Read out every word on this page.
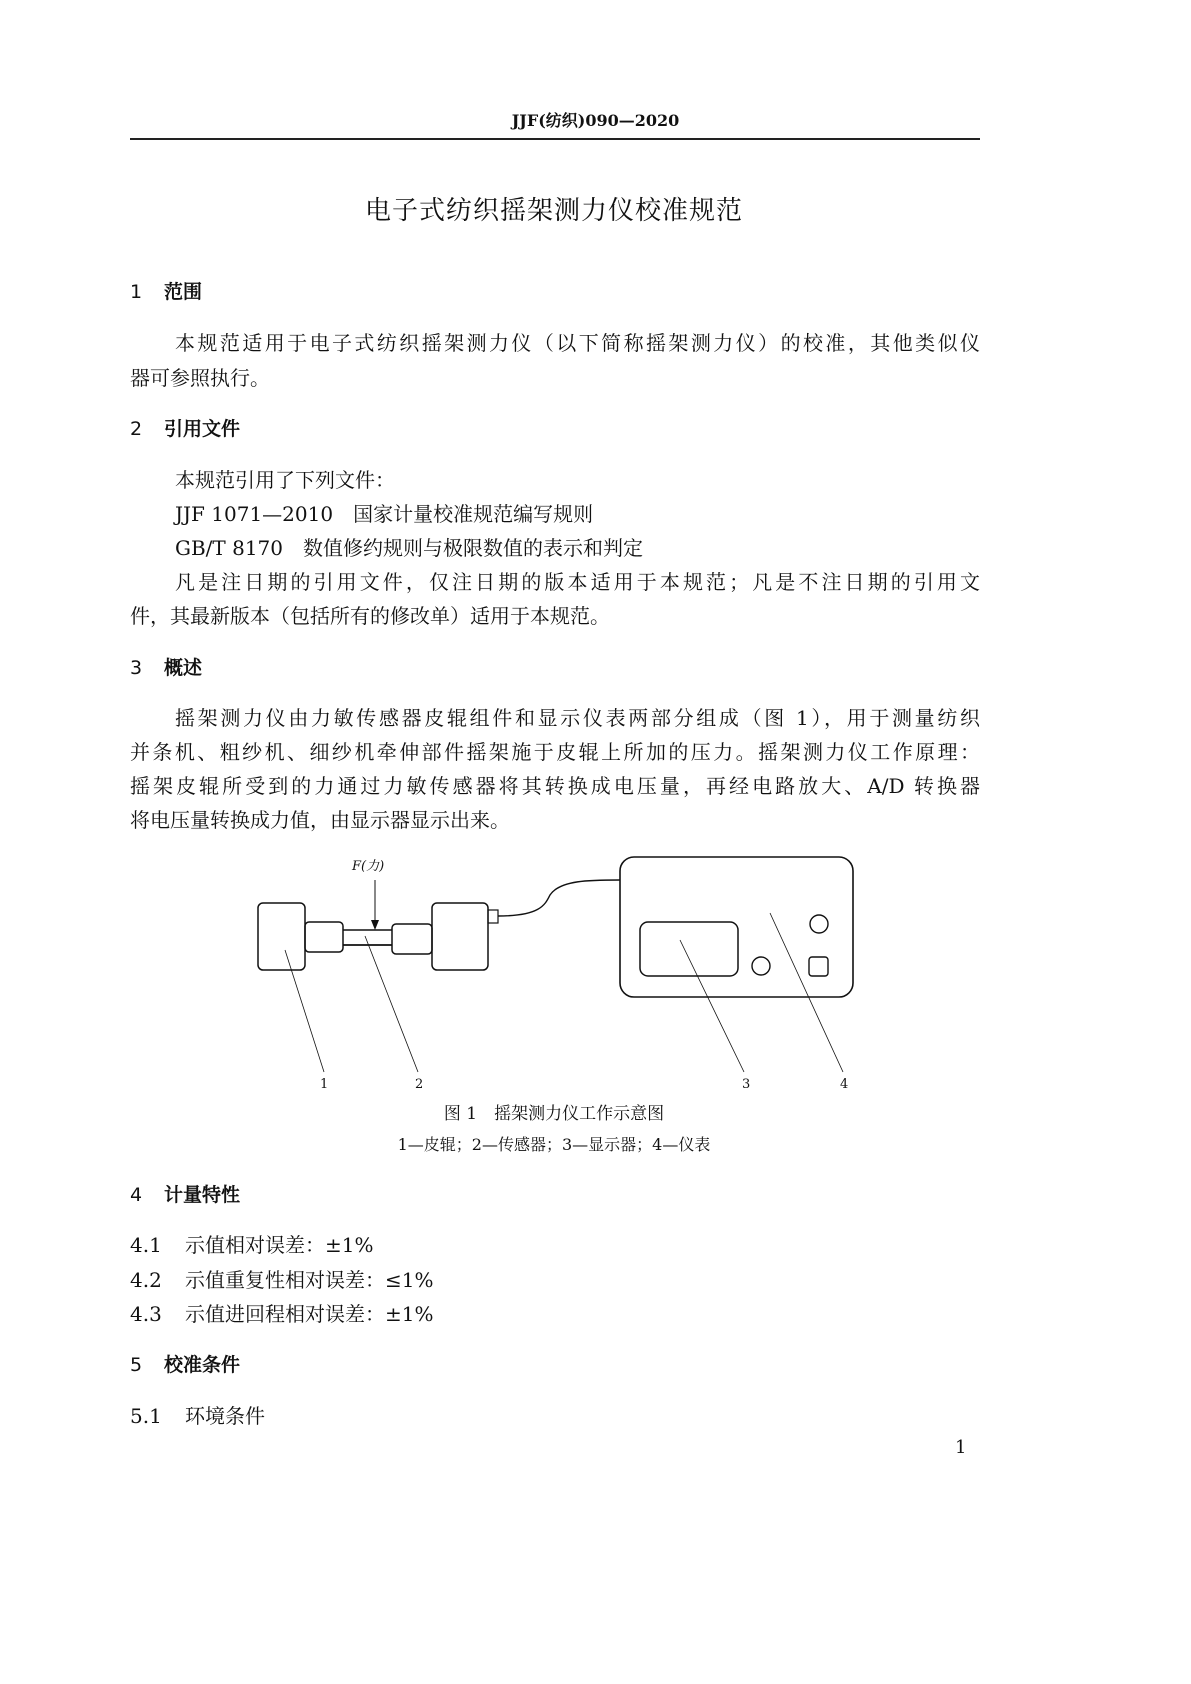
JJF(纺织)090—2020
电子式纺织摇架测力仪校准规范
1 范围
本规范适用于电子式纺织摇架测力仪（以下简称摇架测力仪）的校准，其他类似仪
器可参照执行。
2 引用文件
本规范引用了下列文件：
JJF 1071—2010　国家计量校准规范编写规则
GB/T 8170　数值修约规则与极限数值的表示和判定
凡是注日期的引用文件，仅注日期的版本适用于本规范；凡是不注日期的引用文
件，其最新版本（包括所有的修改单）适用于本规范。
3 概述
摇架测力仪由力敏传感器皮辊组件和显示仪表两部分组成（图 1），用于测量纺织
并条机、粗纱机、细纱机牵伸部件摇架施于皮辊上所加的压力。摇架测力仪工作原理：
摇架皮辊所受到的力通过力敏传感器将其转换成电压量，再经电路放大、A/D 转换器
将电压量转换成力值，由显示器显示出来。
F(力)
1	2	3	4
图 1　摇架测力仪工作示意图
1—皮辊；2—传感器；3—显示器；4—仪表
4 计量特性
4.1 示值相对误差：±1%
4.2 示值重复性相对误差：≤1%
4.3 示值进回程相对误差：±1%
5 校准条件
5.1 环境条件
1
